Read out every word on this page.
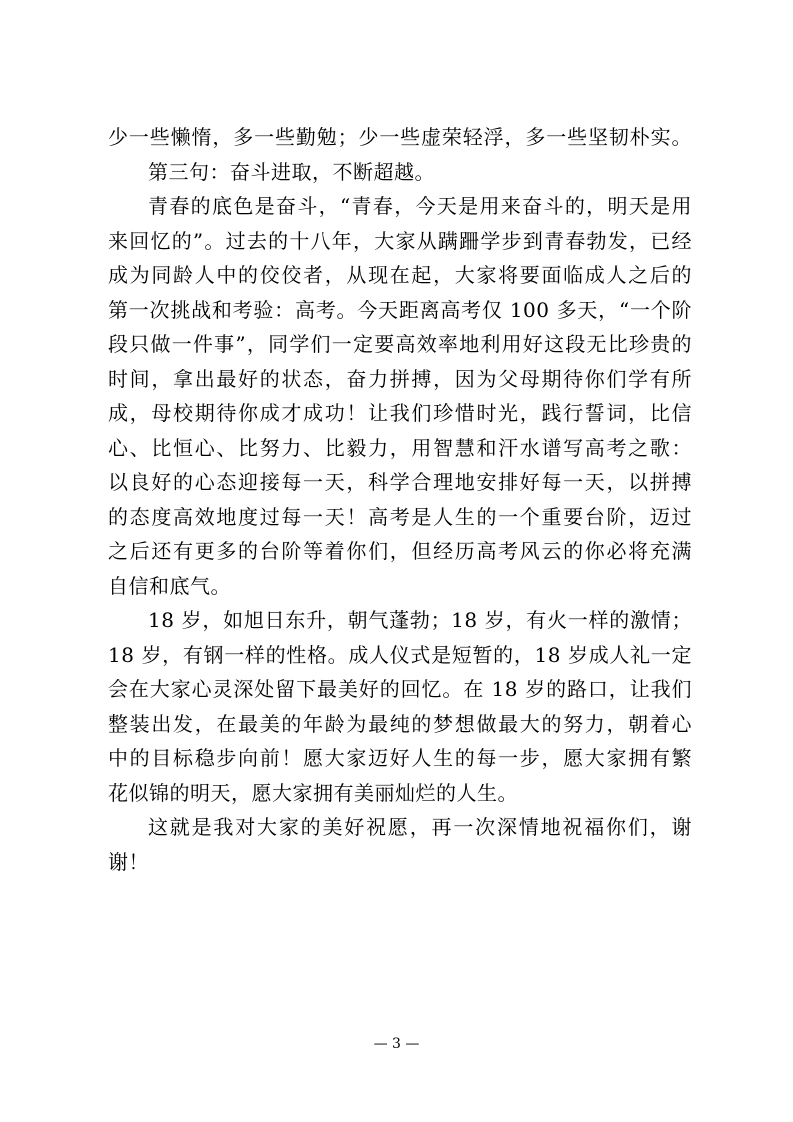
少一些懒惰，多一些勤勉；少一些虚荣轻浮，多一些坚韧朴实。
第三句：奋斗进取，不断超越。
青春的底色是奋斗，“青春，今天是用来奋斗的，明天是用
来回忆的”。过去的十八年，大家从蹒跚学步到青春勃发，已经
成为同龄人中的佼佼者，从现在起，大家将要面临成人之后的
第一次挑战和考验：高考。今天距离高考仅 100 多天，“一个阶
段只做一件事”，同学们一定要高效率地利用好这段无比珍贵的
时间，拿出最好的状态，奋力拼搏，因为父母期待你们学有所
成，母校期待你成才成功！让我们珍惜时光，践行誓词，比信
心、比恒心、比努力、比毅力，用智慧和汗水谱写高考之歌：
以良好的心态迎接每一天，科学合理地安排好每一天，以拼搏
的态度高效地度过每一天！高考是人生的一个重要台阶，迈过
之后还有更多的台阶等着你们，但经历高考风云的你必将充满
自信和底气。
18 岁，如旭日东升，朝气蓬勃；18 岁，有火一样的激情；
18 岁，有钢一样的性格。成人仪式是短暂的，18 岁成人礼一定
会在大家心灵深处留下最美好的回忆。在 18 岁的路口，让我们
整装出发，在最美的年龄为最纯的梦想做最大的努力，朝着心
中的目标稳步向前！愿大家迈好人生的每一步，愿大家拥有繁
花似锦的明天，愿大家拥有美丽灿烂的人生。
这就是我对大家的美好祝愿，再一次深情地祝福你们，谢
谢！
— 3 —
